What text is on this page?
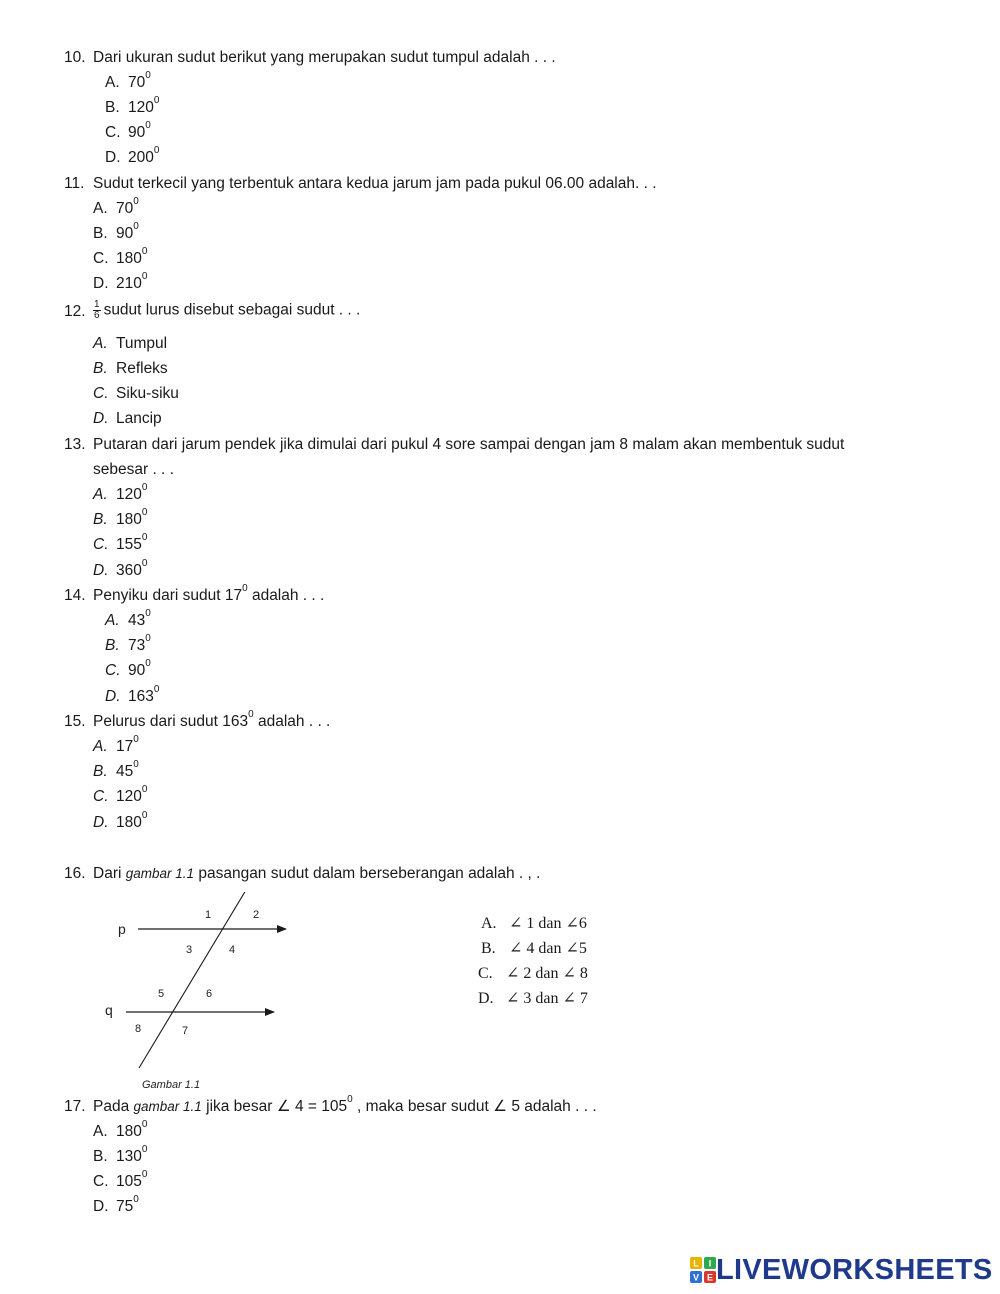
10. Dari ukuran sudut berikut yang merupakan sudut tumpul adalah . . .
A. $70^0$
B. $120^0$
C. $90^0$
D. $200^0$
11. Sudut terkecil yang terbentuk antara kedua jarum jam pada pukul 06.00 adalah. . .
A. $70^0$
B. $90^0$
C. $180^0$
D. $210^0$
12. $\frac{1}{6}$ sudut lurus disebut sebagai sudut . . .
A. Tumpul
B. Refleks
C. Siku-siku
D. Lancip
13. Putaran dari jarum pendek jika dimulai dari pukul 4 sore sampai dengan jam 8 malam akan membentuk sudut
sebesar . . .
A. $120^0$
B. $180^0$
C. $155^0$
D. $360^0$
14. Penyiku dari sudut $17^0$ adalah . . .
A. $43^0$
B. $73^0$
C. $90^0$
D. $163^0$
15. Pelurus dari sudut $163^0$ adalah . . .
A. $17^0$
B. $45^0$
C. $120^0$
D. $180^0$
16. Dari gambar 1.1 pasangan sudut dalam berseberangan adalah . , .
p
q
1	2
3	4
5	6
7
8
Gambar 1.1
A. ∠ 1 dan ∠6
B. ∠ 4 dan ∠5
C. ∠ 2 dan ∠ 8
D. ∠ 3 dan ∠ 7
17. Pada gambar 1.1 jika besar ∠ $4 = 105^0$ , maka besar sudut ∠ 5 adalah . . .
A. $180^0$
B. $130^0$
C. $105^0$
D. $75^0$
L I
V E LIVEWORKSHEETS
